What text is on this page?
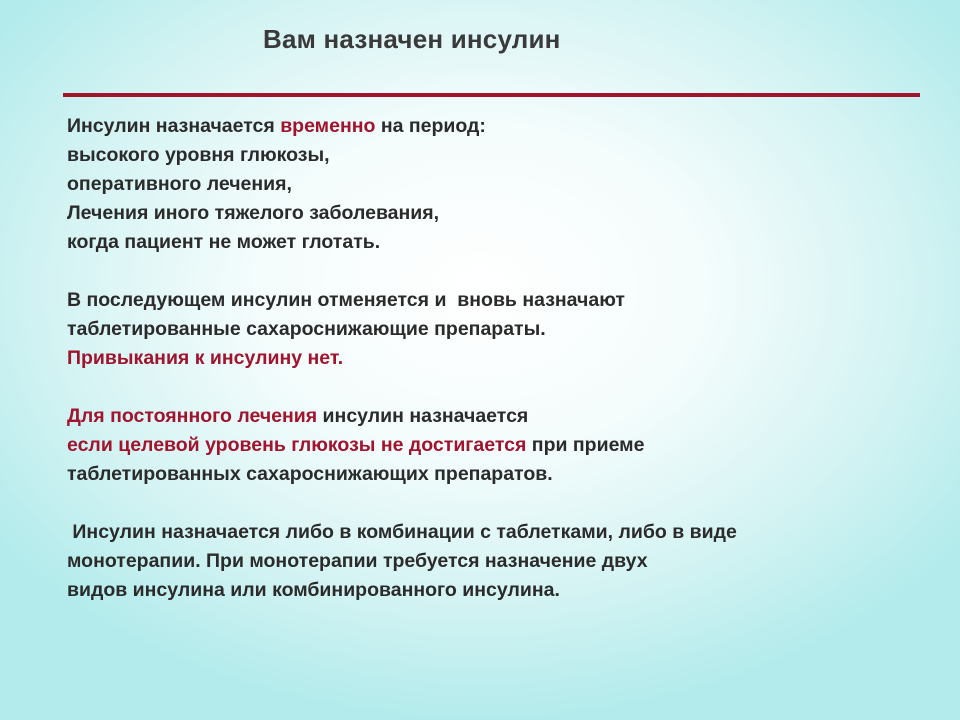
Вам назначен инсулин

Инсулин назначается временно на период:
высокого уровня глюкозы,
оперативного лечения,
Лечения иного тяжелого заболевания,
когда пациент не может глотать.

В последующем инсулин отменяется и  вновь назначают
таблетированные сахароснижающие препараты.
Привыкания к инсулину нет.

Для постоянного лечения инсулин назначается
если целевой уровень глюкозы не достигается при приеме
таблетированных сахароснижающих препаратов.

Инсулин назначается либо в комбинации с таблетками, либо в виде
монотерапии. При монотерапии требуется назначение двух
видов инсулина или комбинированного инсулина.
